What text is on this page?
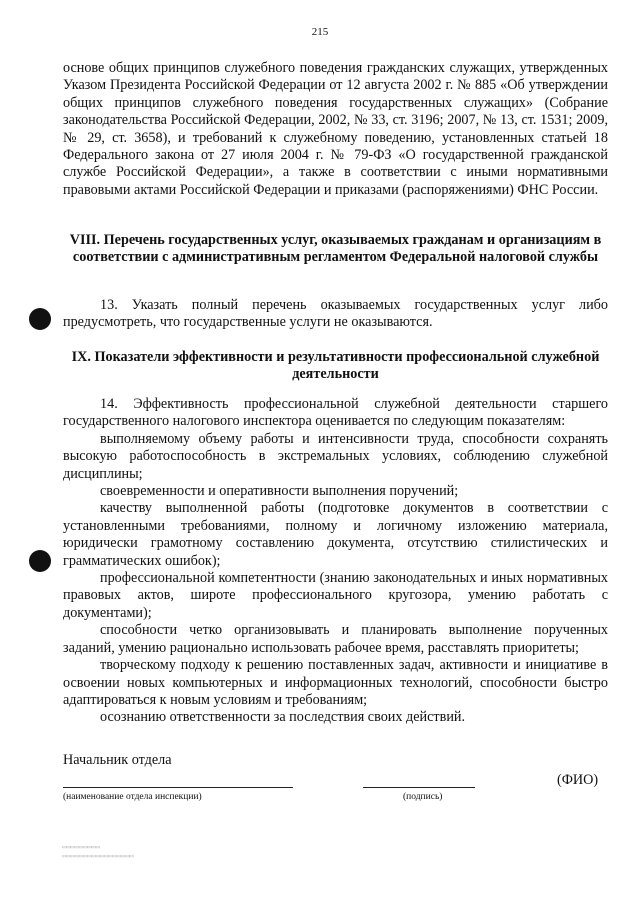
215

основе общих принципов служебного поведения гражданских служащих, утвержденных Указом Президента Российской Федерации от 12 августа 2002 г. № 885 «Об утверждении общих принципов служебного поведения государственных служащих» (Собрание законодательства Российской Федерации, 2002, № 33, ст. 3196; 2007, № 13, ст. 1531; 2009, № 29, ст. 3658), и требований к служебному поведению, установленных статьей 18 Федерального закона от 27 июля 2004 г. № 79-ФЗ «О государственной гражданской службе Российской Федерации», а также в соответствии с иными нормативными правовыми актами Российской Федерации и приказами (распоряжениями) ФНС России.

VIII. Перечень государственных услуг, оказываемых гражданам и организациям в соответствии с административным регламентом Федеральной налоговой службы

13. Указать полный перечень оказываемых государственных услуг либо предусмотреть, что государственные услуги не оказываются.

IX. Показатели эффективности и результативности профессиональной служебной деятельности

14. Эффективность профессиональной служебной деятельности старшего государственного налогового инспектора оценивается по следующим показателям:

выполняемому объему работы и интенсивности труда, способности сохранять высокую работоспособность в экстремальных условиях, соблюдению служебной дисциплины;

своевременности и оперативности выполнения поручений;

качеству выполненной работы (подготовке документов в соответствии с установленными требованиями, полному и логичному изложению материала, юридически грамотному составлению документа, отсутствию стилистических и грамматических ошибок);

профессиональной компетентности (знанию законодательных и иных нормативных правовых актов, широте профессионального кругозора, умению работать с документами);

способности четко организовывать и планировать выполнение порученных заданий, умению рационально использовать рабочее время, расставлять приоритеты;

творческому подходу к решению поставленных задач, активности и инициативе в освоении новых компьютерных и информационных технологий, способности быстро адаптироваться к новым условиям и требованиям;

осознанию ответственности за последствия своих действий.

Начальник отдела
(ФИО)
(наименование отдела инспекции)	(подпись)
▭▭▭▭▭▭▭▭▭
▭▭▭▭▭▭▭▭▭▭▭▭▭▭▭▭▭
